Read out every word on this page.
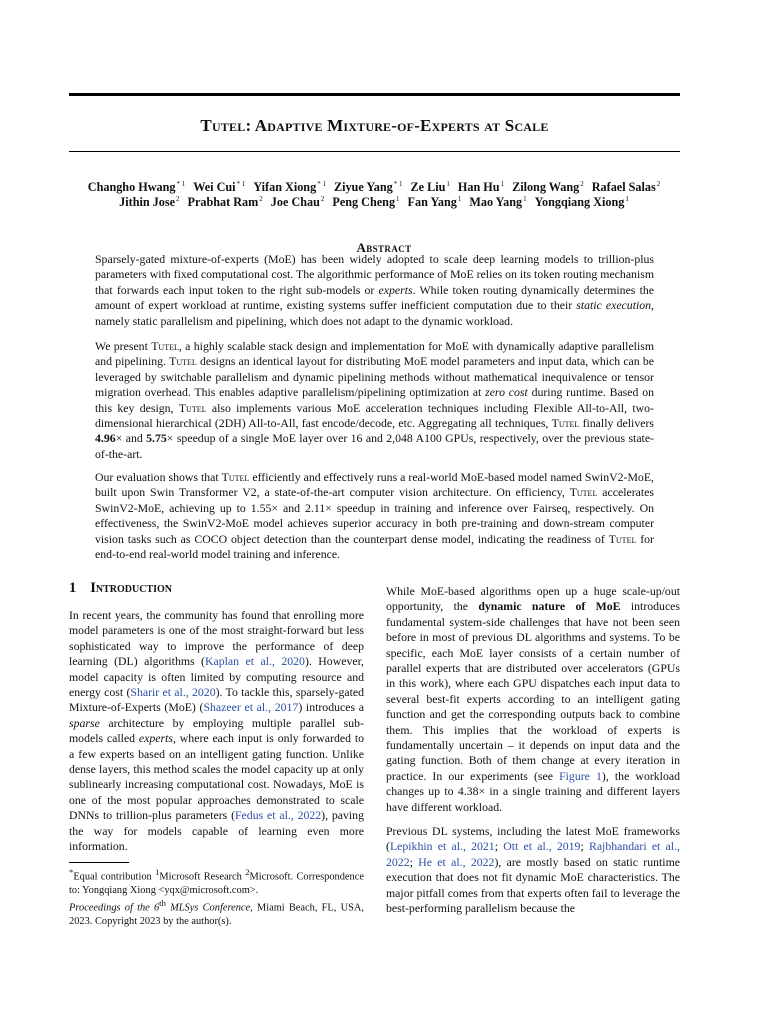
Tutel: Adaptive Mixture-of-Experts at Scale
Changho Hwang$^{* 1}$ Wei Cui$^{* 1}$ Yifan Xiong$^{* 1}$ Ziyue Yang$^{* 1}$ Ze Liu$^1$ Han Hu$^1$ Zilong Wang$^2$ Rafael Salas$^2$
Jithin Jose$^2$ Prabhat Ram$^2$ Joe Chau$^2$ Peng Cheng$^1$ Fan Yang$^1$ Mao Yang$^1$ Yongqiang Xiong$^1$
Abstract

Sparsely-gated mixture-of-experts (MoE) has been widely adopted to scale deep learning models to trillion-plus parameters with fixed computational cost. The algorithmic performance of MoE relies on its token routing mechanism that forwards each input token to the right sub-models or experts. While token routing dynamically determines the amount of expert workload at runtime, existing systems suffer inefficient computation due to their static execution, namely static parallelism and pipelining, which does not adapt to the dynamic workload.

We present Tutel, a highly scalable stack design and implementation for MoE with dynamically adaptive parallelism and pipelining. Tutel designs an identical layout for distributing MoE model parameters and input data, which can be leveraged by switchable parallelism and dynamic pipelining methods without mathematical inequivalence or tensor migration overhead. This enables adaptive parallelism/pipelining optimization at zero cost during runtime. Based on this key design, Tutel also implements various MoE acceleration techniques including Flexible All-to-All, two-dimensional hierarchical (2DH) All-to-All, fast encode/decode, etc. Aggregating all techniques, Tutel finally delivers 4.96× and 5.75× speedup of a single MoE layer over 16 and 2,048 A100 GPUs, respectively, over the previous state-of-the-art.

Our evaluation shows that Tutel efficiently and effectively runs a real-world MoE-based model named SwinV2-MoE, built upon Swin Transformer V2, a state-of-the-art computer vision architecture. On efficiency, Tutel accelerates SwinV2-MoE, achieving up to 1.55× and 2.11× speedup in training and inference over Fairseq, respectively. On effectiveness, the SwinV2-MoE model achieves superior accuracy in both pre-training and down-stream computer vision tasks such as COCO object detection than the counterpart dense model, indicating the readiness of Tutel for end-to-end real-world model training and inference.

1 Introduction

In recent years, the community has found that enrolling more model parameters is one of the most straight-forward but less sophisticated way to improve the performance of deep learning (DL) algorithms (Kaplan et al., 2020). However, model capacity is often limited by computing resource and energy cost (Sharir et al., 2020). To tackle this, sparsely-gated Mixture-of-Experts (MoE) (Shazeer et al., 2017) introduces a sparse architecture by employing multiple parallel sub-models called experts, where each input is only forwarded to a few experts based on an intelligent gating function. Unlike dense layers, this method scales the model capacity up at only sublinearly increasing computational cost. Nowadays, MoE is one of the most popular approaches demonstrated to scale DNNs to trillion-plus parameters (Fedus et al., 2022), paving the way for models capable of learning even more information.

While MoE-based algorithms open up a huge scale-up/out opportunity, the dynamic nature of MoE introduces fundamental system-side challenges that have not been seen before in most of previous DL algorithms and systems. To be specific, each MoE layer consists of a certain number of parallel experts that are distributed over accelerators (GPUs in this work), where each GPU dispatches each input data to several best-fit experts according to an intelligent gating function and get the corresponding outputs back to combine them. This implies that the workload of experts is fundamentally uncertain – it depends on input data and the gating function. Both of them change at every iteration in practice. In our experiments (see Figure 1), the workload changes up to 4.38× in a single training and different layers have different workload.

Previous DL systems, including the latest MoE frameworks (Lepikhin et al., 2021; Ott et al., 2019; Rajbhandari et al., 2022; He et al., 2022), are mostly based on static runtime execution that does not fit dynamic MoE characteristics. The major pitfall comes from that experts often fail to leverage the best-performing parallelism because the

*Equal contribution $^1$Microsoft Research $^2$Microsoft. Correspondence to: Yongqiang Xiong <yqx@microsoft.com>.
Proceedings of the 6th MLSys Conference, Miami Beach, FL, USA, 2023. Copyright 2023 by the author(s).
